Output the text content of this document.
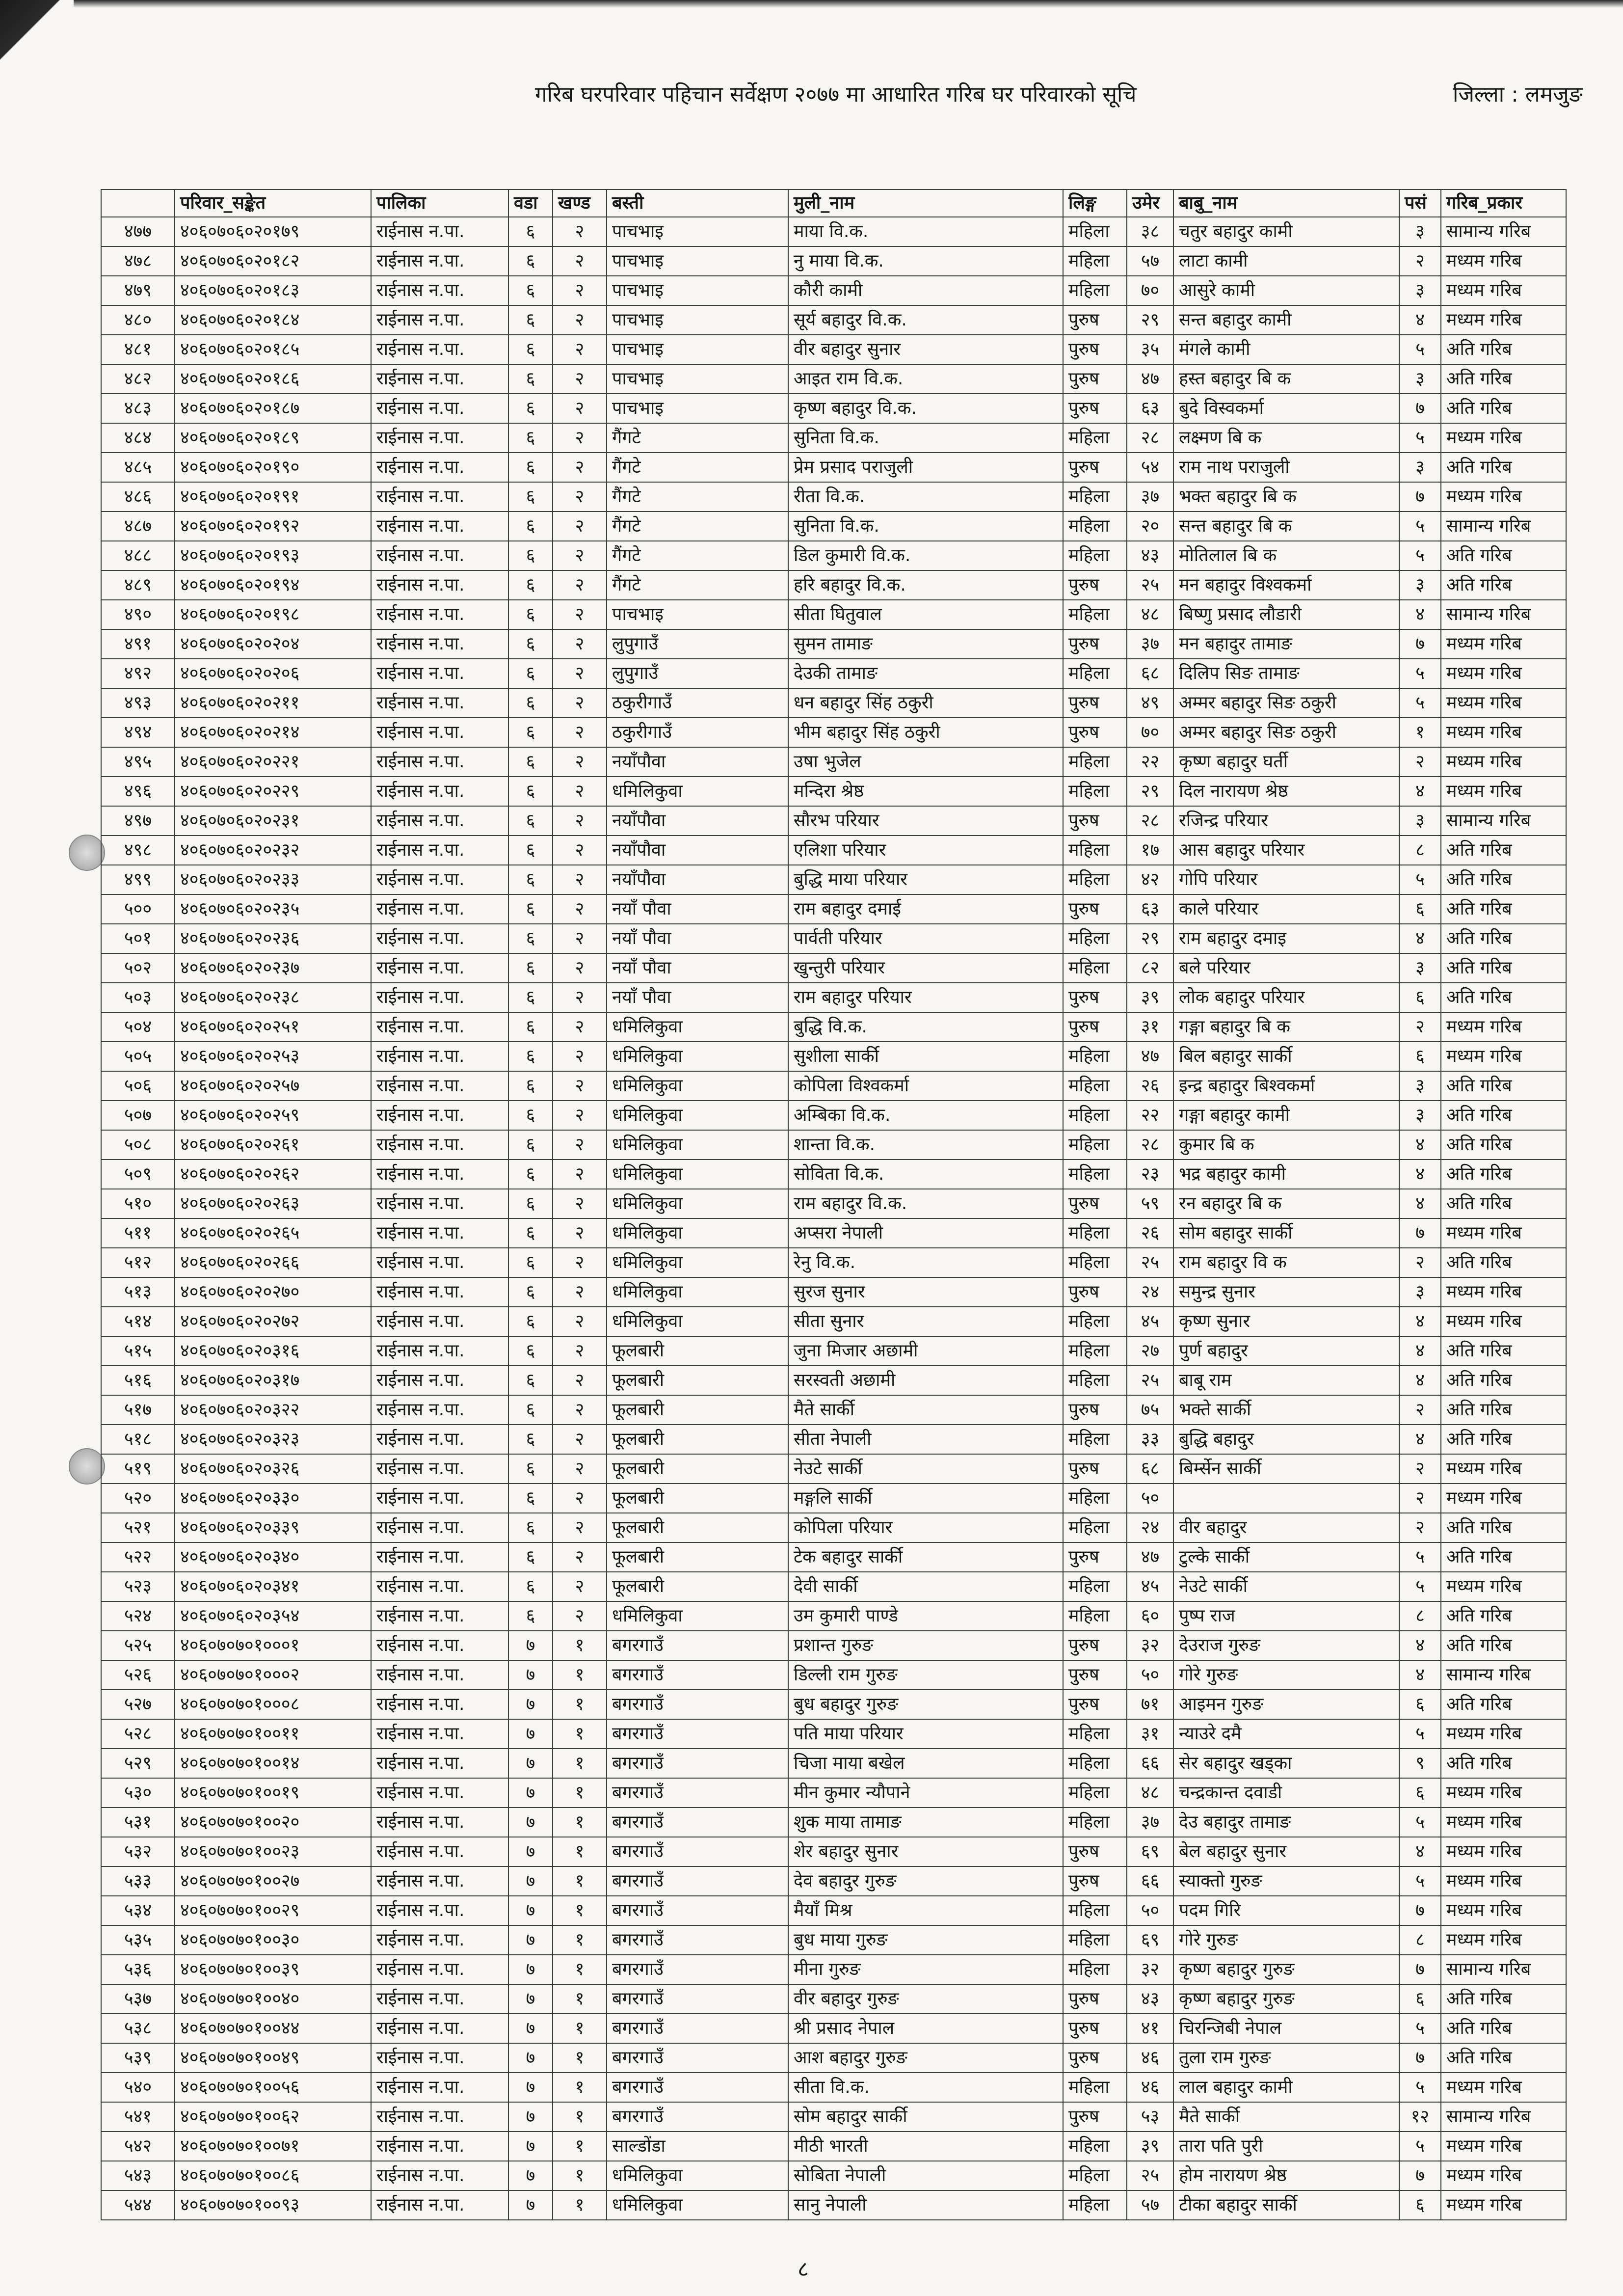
गरिब घरपरिवार पहिचान सर्वेक्षण २०७७ मा आधारित गरिब घर परिवारको सूचि	जिल्ला : लमजुङ
	परिवार_सङ्केत	पालिका	वडा	खण्ड	बस्ती	मुली_नाम	लिङ्ग	उमेर	बाबु_नाम	पसं	गरिब_प्रकार
४७७	४०६०७०६०२०१७९	राईनास न.पा.	६	२	पाचभाइ	माया वि.क.	महिला	३८	चतुर बहादुर कामी	३	सामान्य गरिब
४७८	४०६०७०६०२०१८२	राईनास न.पा.	६	२	पाचभाइ	नु माया वि.क.	महिला	५७	लाटा कामी	२	मध्यम गरिब
४७९	४०६०७०६०२०१८३	राईनास न.पा.	६	२	पाचभाइ	कौरी कामी	महिला	७०	आसुरे कामी	३	मध्यम गरिब
४८०	४०६०७०६०२०१८४	राईनास न.पा.	६	२	पाचभाइ	सूर्य बहादुर वि.क.	पुरुष	२९	सन्त बहादुर कामी	४	मध्यम गरिब
४८१	४०६०७०६०२०१८५	राईनास न.पा.	६	२	पाचभाइ	वीर बहादुर सुनार	पुरुष	३५	मंगले कामी	५	अति गरिब
४८२	४०६०७०६०२०१८६	राईनास न.पा.	६	२	पाचभाइ	आइत राम वि.क.	पुरुष	४७	हस्त बहादुर बि क	३	अति गरिब
४८३	४०६०७०६०२०१८७	राईनास न.पा.	६	२	पाचभाइ	कृष्ण बहादुर वि.क.	पुरुष	६३	बुदे विस्वकर्मा	७	अति गरिब
४८४	४०६०७०६०२०१८९	राईनास न.पा.	६	२	गैंगटे	सुनिता वि.क.	महिला	२८	लक्ष्मण बि क	५	मध्यम गरिब
४८५	४०६०७०६०२०१९०	राईनास न.पा.	६	२	गैंगटे	प्रेम प्रसाद पराजुली	पुरुष	५४	राम नाथ पराजुली	३	अति गरिब
४८६	४०६०७०६०२०१९१	राईनास न.पा.	६	२	गैंगटे	रीता वि.क.	महिला	३७	भक्त बहादुर बि क	७	मध्यम गरिब
४८७	४०६०७०६०२०१९२	राईनास न.पा.	६	२	गैंगटे	सुनिता वि.क.	महिला	२०	सन्त बहादुर बि क	५	सामान्य गरिब
४८८	४०६०७०६०२०१९३	राईनास न.पा.	६	२	गैंगटे	डिल कुमारी वि.क.	महिला	४३	मोतिलाल बि क	५	अति गरिब
४८९	४०६०७०६०२०१९४	राईनास न.पा.	६	२	गैंगटे	हरि बहादुर वि.क.	पुरुष	२५	मन बहादुर विश्वकर्मा	३	अति गरिब
४९०	४०६०७०६०२०१९८	राईनास न.पा.	६	२	पाचभाइ	सीता घितुवाल	महिला	४८	बिष्णु प्रसाद लौडारी	४	सामान्य गरिब
४९१	४०६०७०६०२०२०४	राईनास न.पा.	६	२	लुपुगाउँ	सुमन तामाङ	पुरुष	३७	मन बहादुर तामाङ	७	मध्यम गरिब
४९२	४०६०७०६०२०२०६	राईनास न.पा.	६	२	लुपुगाउँ	देउकी तामाङ	महिला	६८	दिलिप सिङ तामाङ	५	मध्यम गरिब
४९३	४०६०७०६०२०२११	राईनास न.पा.	६	२	ठकुरीगाउँ	धन बहादुर सिंह ठकुरी	पुरुष	४९	अम्मर बहादुर सिङ ठकुरी	५	मध्यम गरिब
४९४	४०६०७०६०२०२१४	राईनास न.पा.	६	२	ठकुरीगाउँ	भीम बहादुर सिंह ठकुरी	पुरुष	७०	अम्मर बहादुर सिङ ठकुरी	१	मध्यम गरिब
४९५	४०६०७०६०२०२२१	राईनास न.पा.	६	२	नयाँपौवा	उषा भुजेल	महिला	२२	कृष्ण बहादुर घर्ती	२	मध्यम गरिब
४९६	४०६०७०६०२०२२९	राईनास न.पा.	६	२	धमिलिकुवा	मन्दिरा श्रेष्ठ	महिला	२९	दिल नारायण श्रेष्ठ	४	मध्यम गरिब
४९७	४०६०७०६०२०२३१	राईनास न.पा.	६	२	नयाँपौवा	सौरभ परियार	पुरुष	२८	रजिन्द्र परियार	३	सामान्य गरिब
४९८	४०६०७०६०२०२३२	राईनास न.पा.	६	२	नयाँपौवा	एलिशा परियार	महिला	१७	आस बहादुर परियार	८	अति गरिब
४९९	४०६०७०६०२०२३३	राईनास न.पा.	६	२	नयाँपौवा	बुद्धि माया परियार	महिला	४२	गोपि परियार	५	अति गरिब
५००	४०६०७०६०२०२३५	राईनास न.पा.	६	२	नयाँ पौवा	राम बहादुर दमाई	पुरुष	६३	काले परियार	६	अति गरिब
५०१	४०६०७०६०२०२३६	राईनास न.पा.	६	२	नयाँ पौवा	पार्वती परियार	महिला	२९	राम बहादुर दमाइ	४	अति गरिब
५०२	४०६०७०६०२०२३७	राईनास न.पा.	६	२	नयाँ पौवा	खुन्तुरी परियार	महिला	८२	बले परियार	३	अति गरिब
५०३	४०६०७०६०२०२३८	राईनास न.पा.	६	२	नयाँ पौवा	राम बहादुर परियार	पुरुष	३९	लोक बहादुर परियार	६	अति गरिब
५०४	४०६०७०६०२०२५१	राईनास न.पा.	६	२	धमिलिकुवा	बुद्धि वि.क.	पुरुष	३१	गङ्गा बहादुर बि क	२	मध्यम गरिब
५०५	४०६०७०६०२०२५३	राईनास न.पा.	६	२	धमिलिकुवा	सुशीला सार्की	महिला	४७	बिल बहादुर सार्की	६	मध्यम गरिब
५०६	४०६०७०६०२०२५७	राईनास न.पा.	६	२	धमिलिकुवा	कोपिला विश्वकर्मा	महिला	२६	इन्द्र बहादुर बिश्वकर्मा	३	अति गरिब
५०७	४०६०७०६०२०२५९	राईनास न.पा.	६	२	धमिलिकुवा	अम्बिका वि.क.	महिला	२२	गङ्गा बहादुर कामी	३	अति गरिब
५०८	४०६०७०६०२०२६१	राईनास न.पा.	६	२	धमिलिकुवा	शान्ता वि.क.	महिला	२८	कुमार बि क	४	अति गरिब
५०९	४०६०७०६०२०२६२	राईनास न.पा.	६	२	धमिलिकुवा	सोविता वि.क.	महिला	२३	भद्र बहादुर कामी	४	अति गरिब
५१०	४०६०७०६०२०२६३	राईनास न.पा.	६	२	धमिलिकुवा	राम बहादुर वि.क.	पुरुष	५९	रन बहादुर बि क	४	अति गरिब
५११	४०६०७०६०२०२६५	राईनास न.पा.	६	२	धमिलिकुवा	अप्सरा नेपाली	महिला	२६	सोम बहादुर सार्की	७	मध्यम गरिब
५१२	४०६०७०६०२०२६६	राईनास न.पा.	६	२	धमिलिकुवा	रेनु वि.क.	महिला	२५	राम बहादुर वि क	२	अति गरिब
५१३	४०६०७०६०२०२७०	राईनास न.पा.	६	२	धमिलिकुवा	सुरज सुनार	पुरुष	२४	समुन्द्र सुनार	३	मध्यम गरिब
५१४	४०६०७०६०२०२७२	राईनास न.पा.	६	२	धमिलिकुवा	सीता सुनार	महिला	४५	कृष्ण सुनार	४	मध्यम गरिब
५१५	४०६०७०६०२०३१६	राईनास न.पा.	६	२	फूलबारी	जुना मिजार अछामी	महिला	२७	पुर्ण बहादुर	४	अति गरिब
५१६	४०६०७०६०२०३१७	राईनास न.पा.	६	२	फूलबारी	सरस्वती अछामी	महिला	२५	बाबू राम	४	अति गरिब
५१७	४०६०७०६०२०३२२	राईनास न.पा.	६	२	फूलबारी	मैते सार्की	पुरुष	७५	भक्ते सार्की	२	अति गरिब
५१८	४०६०७०६०२०३२३	राईनास न.पा.	६	२	फूलबारी	सीता नेपाली	महिला	३३	बुद्धि बहादुर	४	अति गरिब
५१९	४०६०७०६०२०३२६	राईनास न.पा.	६	२	फूलबारी	नेउटे सार्की	पुरुष	६८	बिर्म्सेन सार्की	२	मध्यम गरिब
५२०	४०६०७०६०२०३३०	राईनास न.पा.	६	२	फूलबारी	मङ्गलि सार्की	महिला	५०		२	मध्यम गरिब
५२१	४०६०७०६०२०३३९	राईनास न.पा.	६	२	फूलबारी	कोपिला परियार	महिला	२४	वीर बहादुर	२	अति गरिब
५२२	४०६०७०६०२०३४०	राईनास न.पा.	६	२	फूलबारी	टेक बहादुर सार्की	पुरुष	४७	टुल्के सार्की	५	अति गरिब
५२३	४०६०७०६०२०३४१	राईनास न.पा.	६	२	फूलबारी	देवी सार्की	महिला	४५	नेउटे सार्की	५	मध्यम गरिब
५२४	४०६०७०६०२०३५४	राईनास न.पा.	६	२	धमिलिकुवा	उम कुमारी पाण्डे	महिला	६०	पुष्प राज	८	अति गरिब
५२५	४०६०७०७०१०००१	राईनास न.पा.	७	१	बगरगाउँ	प्रशान्त गुरुङ	पुरुष	३२	देउराज गुरुङ	४	अति गरिब
५२६	४०६०७०७०१०००२	राईनास न.पा.	७	१	बगरगाउँ	डिल्ली राम गुरुङ	पुरुष	५०	गोरे गुरुङ	४	सामान्य गरिब
५२७	४०६०७०७०१०००८	राईनास न.पा.	७	१	बगरगाउँ	बुध बहादुर गुरुङ	पुरुष	७१	आइमन गुरुङ	६	अति गरिब
५२८	४०६०७०७०१००११	राईनास न.पा.	७	१	बगरगाउँ	पति माया परियार	महिला	३१	न्याउरे दमै	५	मध्यम गरिब
५२९	४०६०७०७०१००१४	राईनास न.पा.	७	१	बगरगाउँ	चिजा माया बखेल	महिला	६६	सेर बहादुर खड्का	९	अति गरिब
५३०	४०६०७०७०१००१९	राईनास न.पा.	७	१	बगरगाउँ	मीन कुमार न्यौपाने	महिला	४८	चन्द्रकान्त दवाडी	६	मध्यम गरिब
५३१	४०६०७०७०१००२०	राईनास न.पा.	७	१	बगरगाउँ	शुक माया तामाङ	महिला	३७	देउ बहादुर तामाङ	५	मध्यम गरिब
५३२	४०६०७०७०१००२३	राईनास न.पा.	७	१	बगरगाउँ	शेर बहादुर सुनार	पुरुष	६९	बेल बहादुर सुनार	४	मध्यम गरिब
५३३	४०६०७०७०१००२७	राईनास न.पा.	७	१	बगरगाउँ	देव बहादुर गुरुङ	पुरुष	६६	स्याक्तो गुरुङ	५	मध्यम गरिब
५३४	४०६०७०७०१००२९	राईनास न.पा.	७	१	बगरगाउँ	मैयाँ मिश्र	महिला	५०	पदम गिरि	७	मध्यम गरिब
५३५	४०६०७०७०१००३०	राईनास न.पा.	७	१	बगरगाउँ	बुध माया गुरुङ	महिला	६९	गोरे गुरुङ	८	मध्यम गरिब
५३६	४०६०७०७०१००३९	राईनास न.पा.	७	१	बगरगाउँ	मीना गुरुङ	महिला	३२	कृष्ण बहादुर गुरुङ	७	सामान्य गरिब
५३७	४०६०७०७०१००४०	राईनास न.पा.	७	१	बगरगाउँ	वीर बहादुर गुरुङ	पुरुष	४३	कृष्ण बहादुर गुरुङ	६	अति गरिब
५३८	४०६०७०७०१००४४	राईनास न.पा.	७	१	बगरगाउँ	श्री प्रसाद नेपाल	पुरुष	४१	चिरन्जिबी नेपाल	५	अति गरिब
५३९	४०६०७०७०१००४९	राईनास न.पा.	७	१	बगरगाउँ	आश बहादुर गुरुङ	पुरुष	४६	तुला राम गुरुङ	७	अति गरिब
५४०	४०६०७०७०१००५६	राईनास न.पा.	७	१	बगरगाउँ	सीता वि.क.	महिला	४६	लाल बहादुर कामी	५	मध्यम गरिब
५४१	४०६०७०७०१००६२	राईनास न.पा.	७	१	बगरगाउँ	सोम बहादुर सार्की	पुरुष	५३	मैते सार्की	१२	सामान्य गरिब
५४२	४०६०७०७०१००७१	राईनास न.पा.	७	१	साल्डोंडा	मीठी भारती	महिला	३९	तारा पति पुरी	५	मध्यम गरिब
५४३	४०६०७०७०१००८६	राईनास न.पा.	७	१	धमिलिकुवा	सोबिता नेपाली	महिला	२५	होम नारायण श्रेष्ठ	७	मध्यम गरिब
५४४	४०६०७०७०१००९३	राईनास न.पा.	७	१	धमिलिकुवा	सानु नेपाली	महिला	५७	टीका बहादुर सार्की	६	मध्यम गरिब
८
